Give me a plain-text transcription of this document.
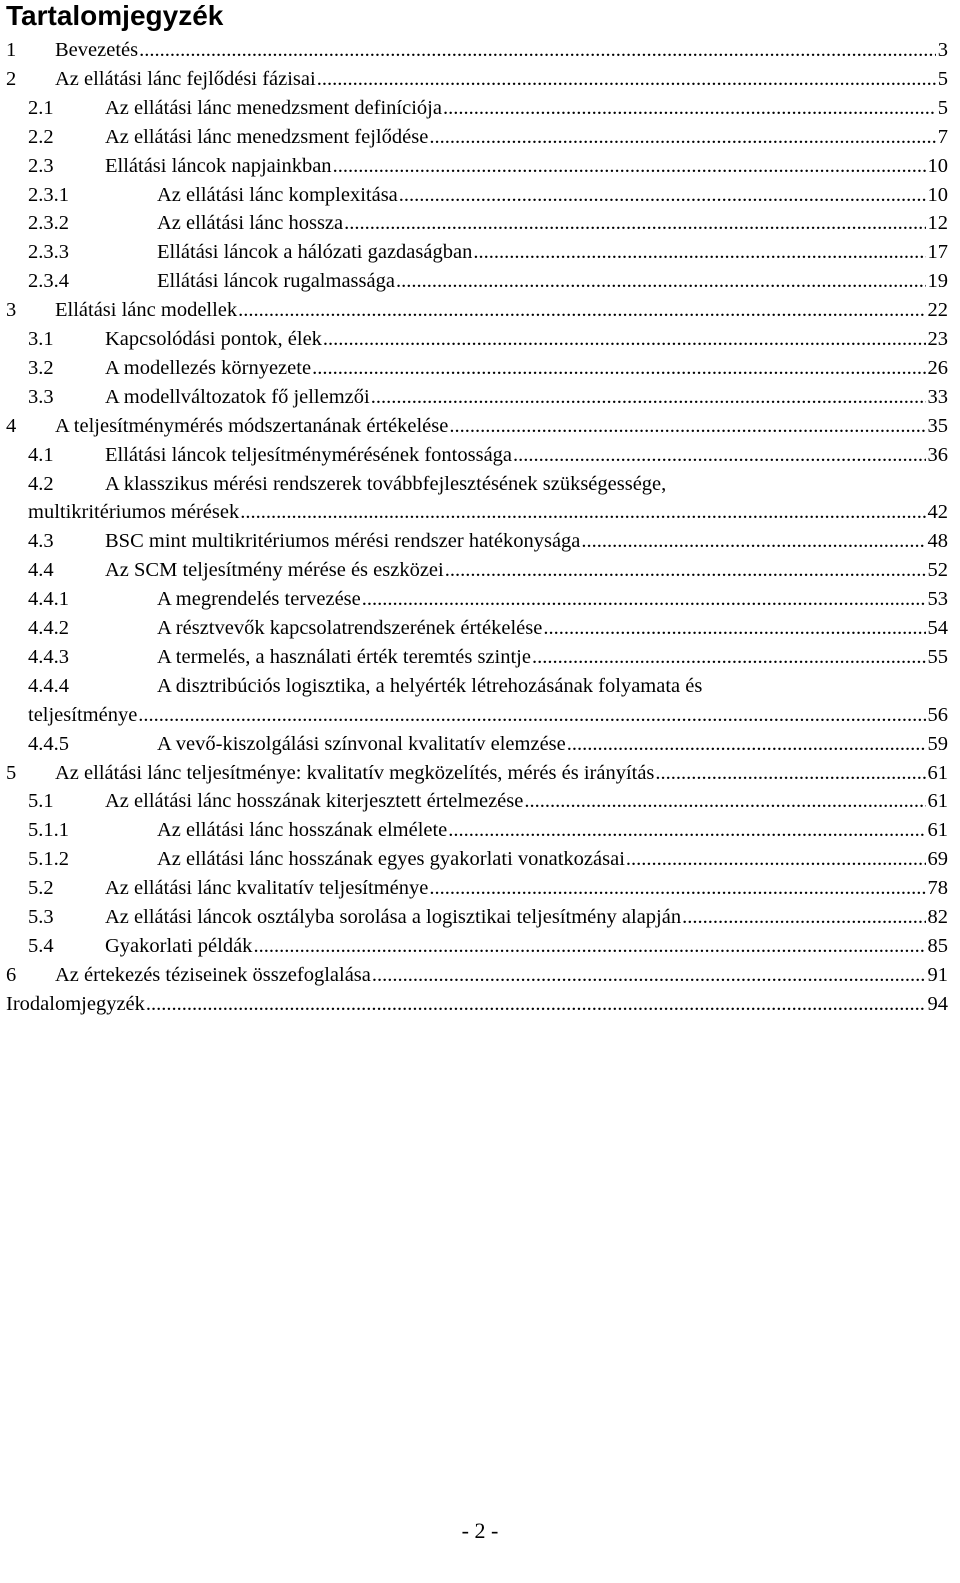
Tartalomjegyzék
1 Bevezetés .....	3
2 Az ellátási lánc fejlődési fázisai .....	5
2.1	Az ellátási lánc menedzsment definíciója .....	5
2.2	Az ellátási lánc menedzsment fejlődése .....	7
2.3	Ellátási láncok napjainkban .....	10
2.3.1	Az ellátási lánc komplexitása .....	10
2.3.2	Az ellátási lánc hossza .....	12
2.3.3	Ellátási láncok a hálózati gazdaságban .....	17
2.3.4	Ellátási láncok rugalmassága .....	19
3 Ellátási lánc modellek .....	22
3.1	Kapcsolódási pontok, élek .....	23
3.2	A modellezés környezete .....	26
3.3	A modellváltozatok fő jellemzői .....	33
4 A teljesítménymérés módszertanának értékelése .....	35
4.1	Ellátási láncok teljesítménymérésének fontossága .....	36
4.2	A klasszikus mérési rendszerek továbbfejlesztésének szükségessége,
multikritériumos mérések .....	42
4.3	BSC mint multikritériumos mérési rendszer hatékonysága .....	48
4.4	Az SCM teljesítmény mérése és eszközei .....	52
4.4.1	A megrendelés tervezése .....	53
4.4.2	A résztvevők kapcsolatrendszerének értékelése .....	54
4.4.3	A termelés, a használati érték teremtés szintje .....	55
4.4.4	A disztribúciós logisztika, a helyérték létrehozásának folyamata és
teljesítménye .....	56
4.4.5	A vevő-kiszolgálási színvonal kvalitatív elemzése .....	59
5 Az ellátási lánc teljesítménye: kvalitatív megközelítés, mérés és irányítás .....	61
5.1	Az ellátási lánc hosszának kiterjesztett értelmezése .....	61
5.1.1	Az ellátási lánc hosszának elmélete .....	61
5.1.2	Az ellátási lánc hosszának egyes gyakorlati vonatkozásai .....	69
5.2	Az ellátási lánc kvalitatív teljesítménye .....	78
5.3	Az ellátási láncok osztályba sorolása a logisztikai teljesítmény alapján .....	82
5.4	Gyakorlati példák .....	85
6 Az értekezés téziseinek összefoglalása .....	91
Irodalomjegyzék .....	94
- 2 -
